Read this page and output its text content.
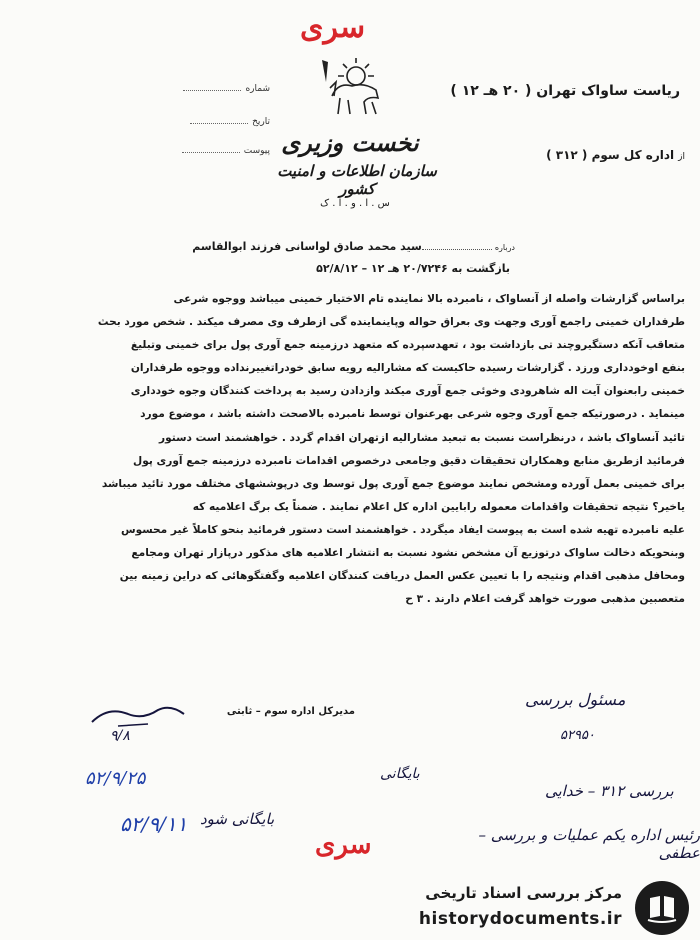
سری
نخست وزیری
سازمان اطلاعات و امنیت کشور
س . ا . و . ا . ک
شماره
تاریخ
پیوست
ریاست ساواک تهران ( ۲۰ هـ ۱۲ )
ازاداره کل سوم ( ۳۱۲ )
دربارهسید محمد صادق لواسانی فرزند ابوالقاسم
بازگشت به ۲۰/۷۲۴۶ هـ ۱۲ – ۵۲/۸/۱۲

براساس گزارشات واصله از آنساواک ، نامبرده بالا نماینده تام الاختیار خمینی میباشد ووجوه شرعی

طرفداران خمینی راجمع آوری وجهت وی بعراق حواله وپاینماینده گی ازطرف وی مصرف میکند . شخص مورد بحث

متعاقب آنکه دستگیروچند تی بازداشت بود ، تعهدسپرده که متعهد درزمینه جمع آوری پول برای خمینی وتبلیغ

بنفع اوخودداری ورزد . گزارشات رسیده حاکیست که مشارالیه رویه سابق خودراتغییرنداده ووجوه طرفداران

خمینی رابعنوان آیت اله شاهرودی وخوئی جمع آوری میکند وازدادن رسید به پرداخت کنندگان وجوه خودداری

مینماید . درصورتیکه جمع آوری وجوه شرعی بهرعنوان توسط نامبرده بالاصحت داشته باشد ، موضوع مورد

تائید آنساواک باشد ، درنظراست نسبت به تبعید مشارالیه ازتهران اقدام گردد . خواهشمند است دستور

فرمائید ازطریق منابع وهمکاران تحقیقات دقیق وجامعی درخصوص اقدامات نامبرده درزمینه جمع آوری پول

برای خمینی بعمل آورده ومشخص نمایند موضوع جمع آوری پول توسط وی درپوششهای مختلف مورد تائید میباشد

یاخیر؟ نتیجه تحقیقات واقدامات معموله رابایین اداره کل اعلام نمایند . ضمناً یک برگ اعلامیه که

علیه نامبرده تهیه شده است به پیوست ایفاد میگردد . خواهشمند است دستور فرمائید بنحو کاملاً غیر محسوس

وبنحویکه دخالت ساواک درتوزیع آن مشخص نشود نسبت به انتشار اعلامیه های مذکور درپازار تهران ومجامع

ومحافل مذهبی اقدام ونتیجه را با تعیین عکس العمل دریافت کنندگان اعلامیه وگفتگوهائی که دراین زمینه بین

متعصبین مذهبی صورت خواهد گرفت اعلام دارند . ۳ ح

مدیرکل اداره سوم – ثابتی
۹/۸
مسئول بررسی
۵۲۹۵۰
بایگانی
بررسی ۳۱۲ – خدایی
رئیس اداره یکم عملیات و بررسی – عطفی
۵۲/۹/۲۵
۵۲/۹/۱۱ بایگانی شود
سری
مرکز بررسی اسناد تاریخی
historydocuments.ir
